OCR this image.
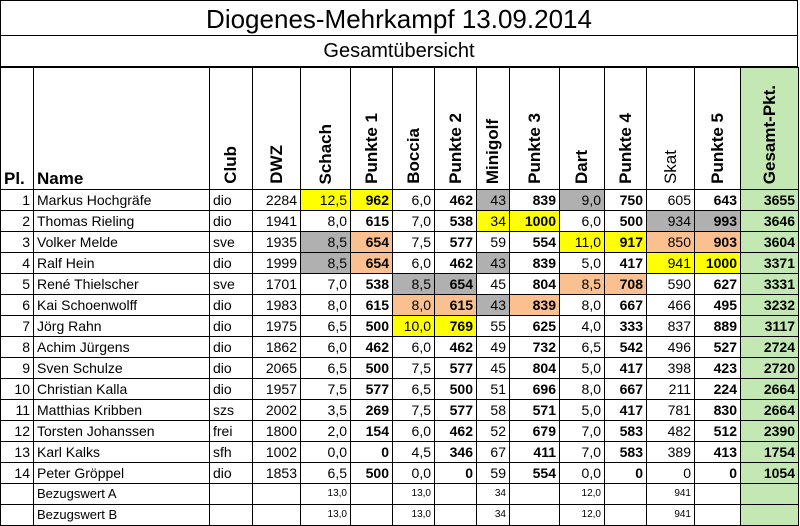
Diogenes-Mehrkampf 13.09.2014
Gesamtübersicht
Pl.	Name	Club	DWZ	Schach	Punkte 1	Boccia	Punkte 2	Minigolf	Punkte 3	Dart	Punkte 4	Skat	Punkte 5	Gesamt-Pkt.
1	Markus Hochgräfe	dio	2284	12,5	962	6,0	462	43	839	9,0	750	605	643	3655
2	Thomas Rieling	dio	1941	8,0	615	7,0	538	34	1000	6,0	500	934	993	3646
3	Volker Melde	sve	1935	8,5	654	7,5	577	59	554	11,0	917	850	903	3604
4	Ralf Hein	dio	1999	8,5	654	6,0	462	43	839	5,0	417	941	1000	3371
5	René Thielscher	sve	1701	7,0	538	8,5	654	45	804	8,5	708	590	627	3331
6	Kai Schoenwolff	dio	1983	8,0	615	8,0	615	43	839	8,0	667	466	495	3232
7	Jörg Rahn	dio	1975	6,5	500	10,0	769	55	625	4,0	333	837	889	3117
8	Achim Jürgens	dio	1862	6,0	462	6,0	462	49	732	6,5	542	496	527	2724
9	Sven Schulze	dio	2065	6,5	500	7,5	577	45	804	5,0	417	398	423	2720
10	Christian Kalla	dio	1957	7,5	577	6,5	500	51	696	8,0	667	211	224	2664
11	Matthias Kribben	szs	2002	3,5	269	7,5	577	58	571	5,0	417	781	830	2664
12	Torsten Johanssen	frei	1800	2,0	154	6,0	462	52	679	7,0	583	482	512	2390
13	Karl Kalks	sfh	1002	0,0	0	4,5	346	67	411	7,0	583	389	413	1754
14	Peter Gröppel	dio	1853	6,5	500	0,0	0	59	554	0,0	0	0	0	1054
	Bezugswert A			13,0		13,0		34		12,0		941		
	Bezugswert B			13,0		13,0		34		12,0		941		
